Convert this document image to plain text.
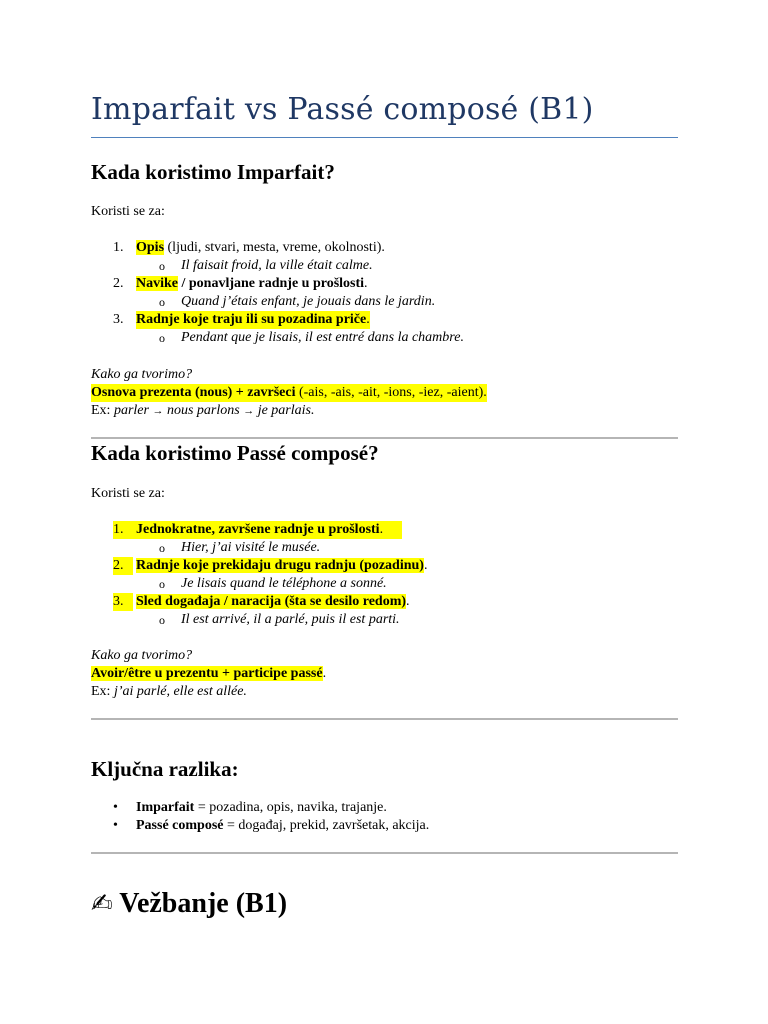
Imparfait vs Passé composé (B1)
Kada koristimo Imparfait?

Koristi se za:

1. Opis (ljudi, stvari, mesta, vreme, okolnosti).
o Il faisait froid, la ville était calme.
2. Navike / ponavljane radnje u prošlosti.
o Quand j’étais enfant, je jouais dans le jardin.
3. Radnje koje traju ili su pozadina priče.
o Pendant que je lisais, il est entré dans la chambre.

Kako ga tvorimo?

Osnova prezenta (nous) + završeci (-ais, -ais, -ait, -ions, -iez, -aient).

Ex: parler → nous parlons → je parlais.

Kada koristimo Passé composé?

Koristi se za:

1. Jednokratne, završene radnje u prošlosti.
o Hier, j’ai visité le musée.
2. Radnje koje prekidaju drugu radnju (pozadinu).
o Je lisais quand le téléphone a sonné.
3. Sled događaja / naracija (šta se desilo redom).
o Il est arrivé, il a parlé, puis il est parti.

Kako ga tvorimo?

Avoir/être u prezentu + participe passé.

Ex: j’ai parlé, elle est allée.

Ključna razlika:
• Imparfait = pozadina, opis, navika, trajanje.
• Passé composé = događaj, prekid, završetak, akcija.
✍ Vežbanje (B1)
